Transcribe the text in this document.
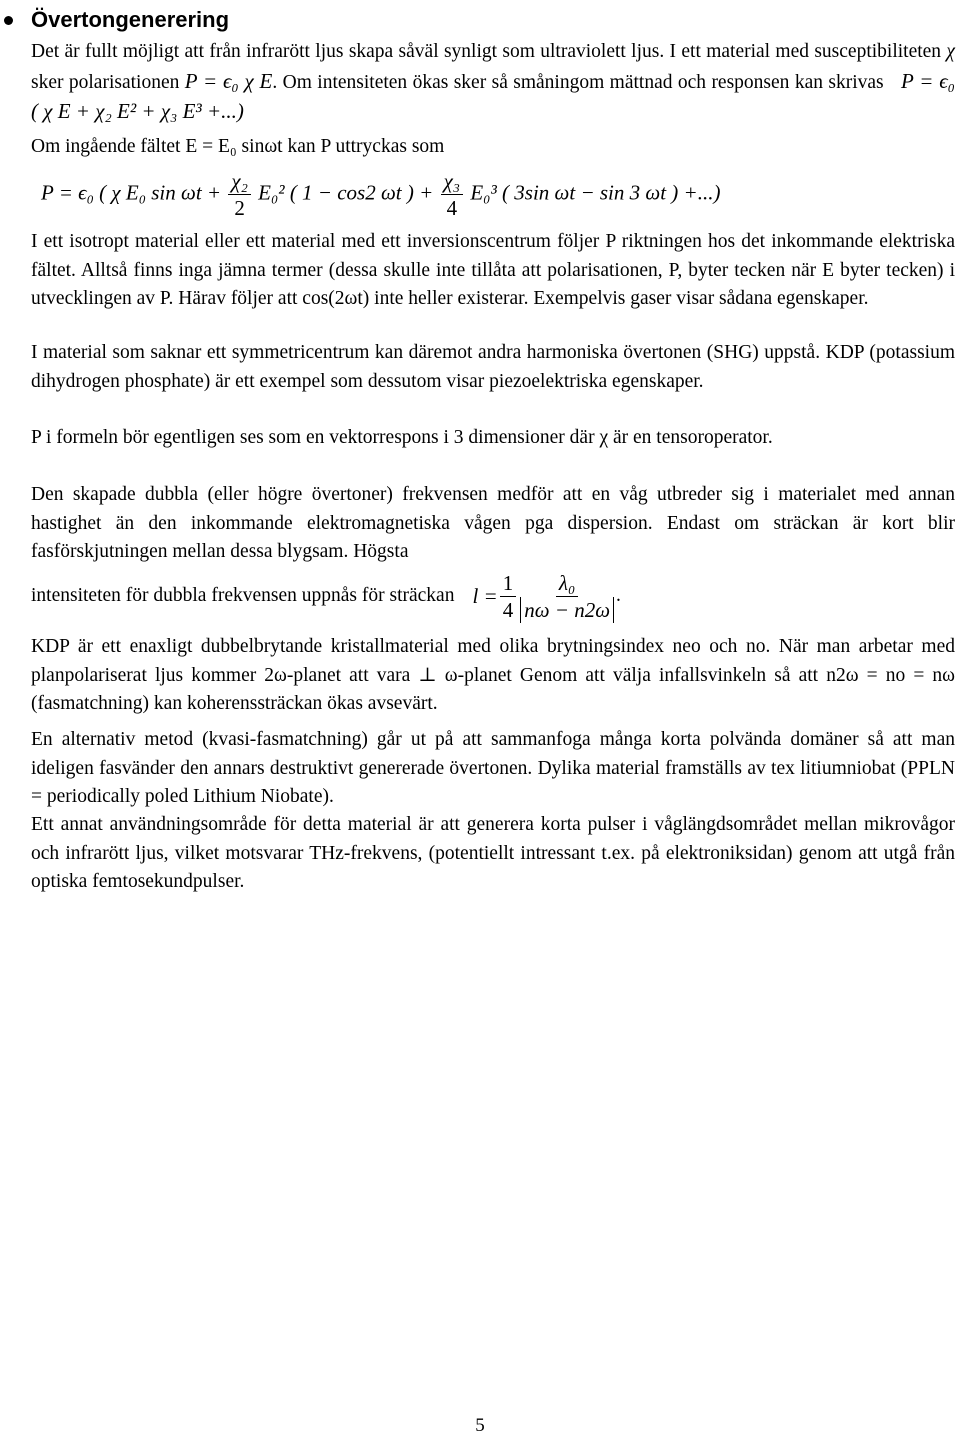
Övertongenerering
Det är fullt möjligt att från infrarött ljus skapa såväl synligt som ultraviolett ljus. I ett material med susceptibiliteten χ sker polarisationen P = ϵ₀ χ E. Om intensiteten ökas sker så småningom mättnad och responsen kan skrivas P = ϵ₀ ( χ E + χ₂ E² + χ₃ E³ +...)
Om ingående fältet E = E₀ sinωt kan P uttryckas som
P = ϵ₀ ( χ E₀ $\sin \omega t + \frac{\text{χ₂}}{2} E_0^2$ ( 1 − cos2 ωt ) + $\frac{\text{χ₃}}{4} E_0^3$ ( 3sin ωt − sin 3 ωt ) +...)
I ett isotropt material eller ett material med ett inversionscentrum följer P riktningen hos det inkommande elektriska fältet. Alltså finns inga jämna termer (dessa skulle inte tillåta att polarisationen, P, byter tecken när E byter tecken) i utvecklingen av P. Härav följer att cos(2ωt) inte heller existerar. Exempelvis gaser visar sådana egenskaper.
I material som saknar ett symmetricentrum kan däremot andra harmoniska övertonen (SHG) uppstå. KDP (potassium dihydrogen phosphate) är ett exempel som dessutom visar piezoelektriska egenskaper.
P i formeln bör egentligen ses som en vektorrespons i 3 dimensioner där χ är en tensoroperator.
Den skapade dubbla (eller högre övertoner) frekvensen medför att en våg utbreder sig i materialet med annan hastighet än den inkommande elektromagnetiska vågen pga dispersion. Endast om sträckan är kort blir fasförskjutningen mellan dessa blygsam. Högsta
intensiteten för dubbla frekvensen uppnås för sträckan $l = \frac{1}{4} \frac{\text{λ₀}}{n\omega - n2\omega}$ .
KDP är ett enaxligt dubbelbrytande kristallmaterial med olika brytningsindex neo och no. När man arbetar med planpolariserat ljus kommer 2ω-planet att vara ⊥ ω-planet Genom att välja infallsvinkeln så att n2ω = no = nω (fasmatchning) kan koherenssträckan ökas avsevärt.
En alternativ metod (kvasi-fasmatchning) går ut på att sammanfoga många korta polvända domäner så att man ideligen fasvänder den annars destruktivt genererade övertonen. Dylika material framställs av tex litiumniobat (PPLN = periodically poled Lithium Niobate).
Ett annat användningsområde för detta material är att generera korta pulser i våglängdsområdet mellan mikrovågor och infrarött ljus, vilket motsvarar THz-frekvens, (potentiellt intressant t.ex. på elektroniksidan) genom att utgå från optiska femtosekundpulser.
5
